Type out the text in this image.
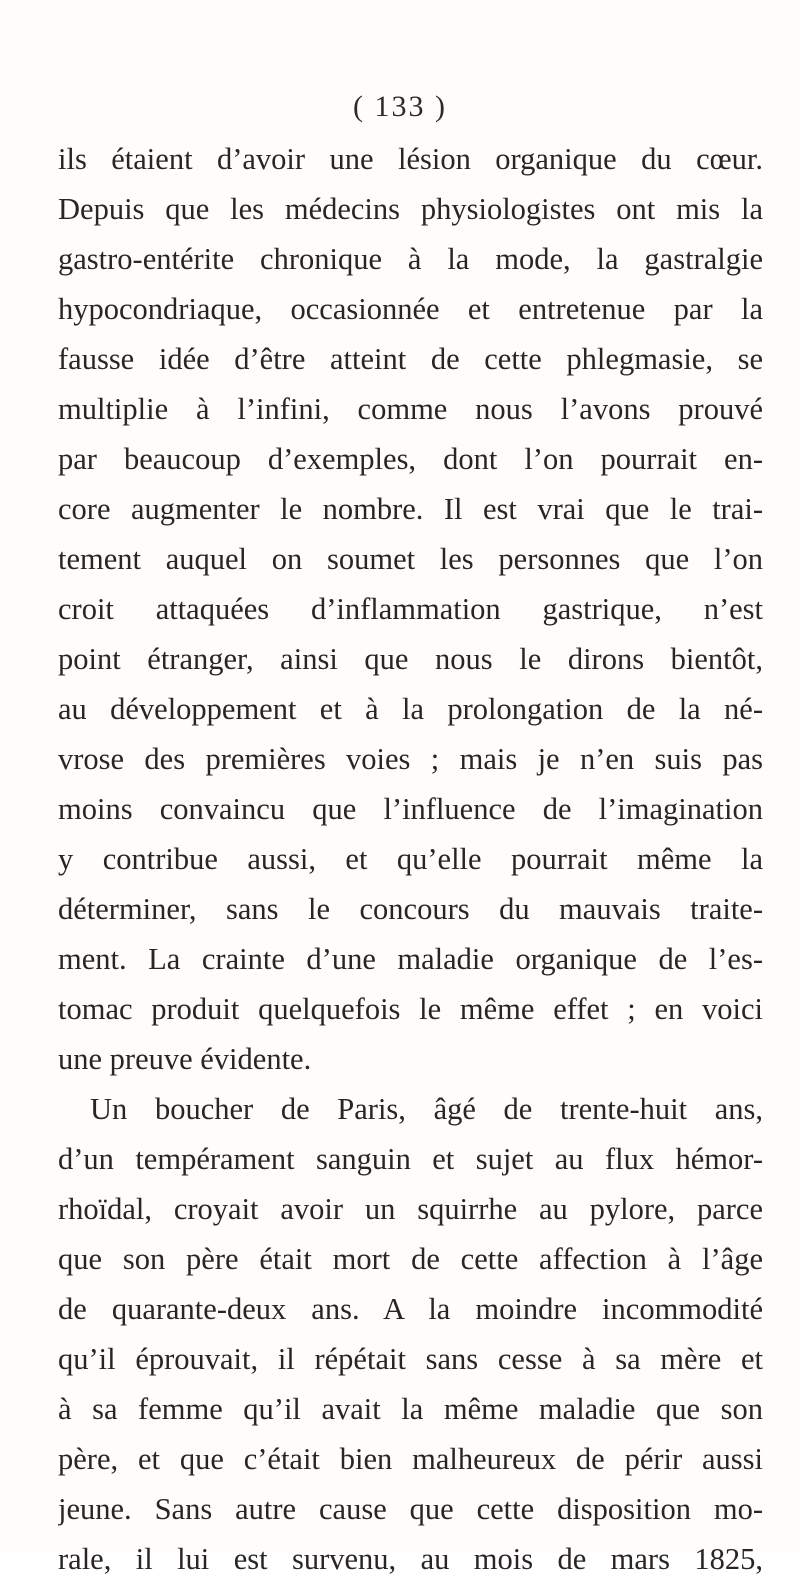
( 133 )
ils étaient d’avoir une lésion organique du cœur.
Depuis que les médecins physiologistes ont mis la
gastro-entérite chronique à la mode, la gastralgie
hypocondriaque, occasionnée et entretenue par la
fausse idée d’être atteint de cette phlegmasie, se
multiplie à l’infini, comme nous l’avons prouvé
par beaucoup d’exemples, dont l’on pourrait en-
core augmenter le nombre. Il est vrai que le trai-
tement auquel on soumet les personnes que l’on
croit attaquées d’inflammation gastrique, n’est
point étranger, ainsi que nous le dirons bientôt,
au développement et à la prolongation de la né-
vrose des premières voies ; mais je n’en suis pas
moins convaincu que l’influence de l’imagination
y contribue aussi, et qu’elle pourrait même la
déterminer, sans le concours du mauvais traite-
ment. La crainte d’une maladie organique de l’es-
tomac produit quelquefois le même effet ; en voici
une preuve évidente.
Un boucher de Paris, âgé de trente-huit ans,
d’un tempérament sanguin et sujet au flux hémor-
rhoïdal, croyait avoir un squirrhe au pylore, parce
que son père était mort de cette affection à l’âge
de quarante-deux ans. A la moindre incommodité
qu’il éprouvait, il répétait sans cesse à sa mère et
à sa femme qu’il avait la même maladie que son
père, et que c’était bien malheureux de périr aussi
jeune. Sans autre cause que cette disposition mo-
rale, il lui est survenu, au mois de mars 1825,
